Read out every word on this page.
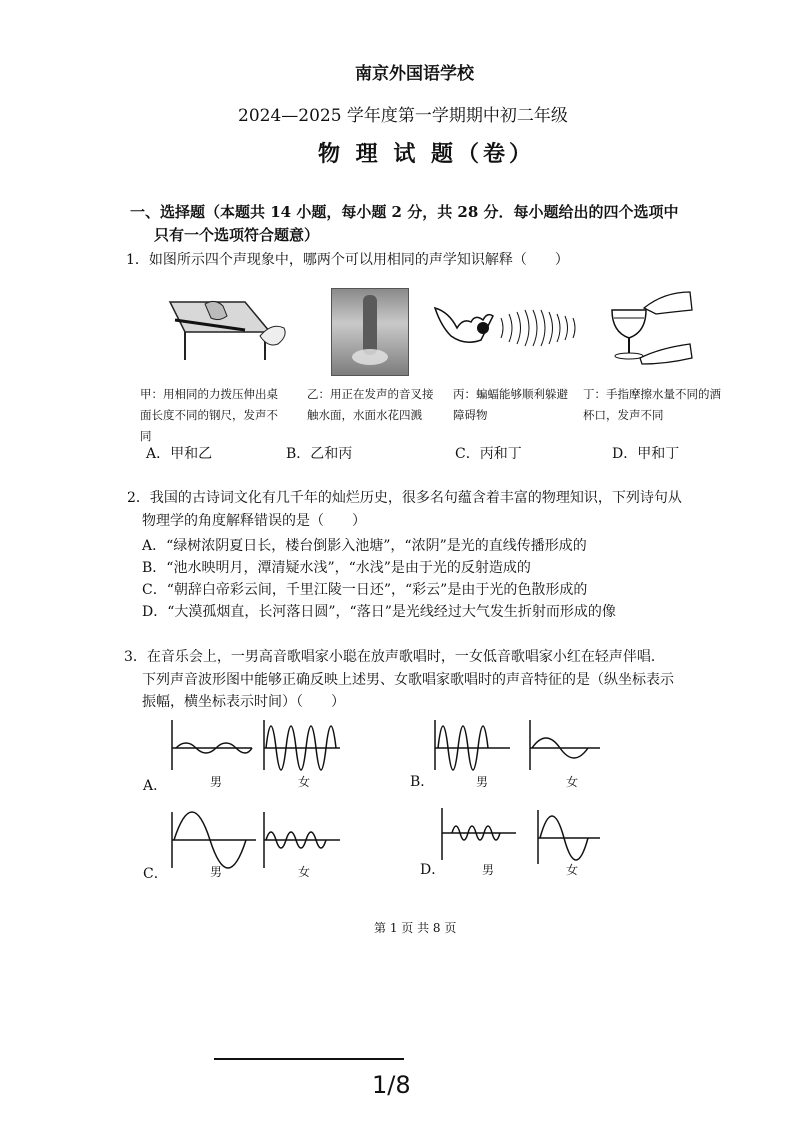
南京外国语学校
2024—2025 学年度第一学期期中初二年级
物 理 试 题（卷）
一、选择题（本题共 14 小题，每小题 2 分，共 28 分．每小题给出的四个选项中
只有一个选项符合题意）
1．如图所示四个声现象中，哪两个可以用相同的声学知识解释（　　）
甲：用相同的力拨压伸出桌面长度不同的钢尺，发声不同
乙：用正在发声的音叉接触水面，水面水花四溅
丙：蝙蝠能够顺利躲避障碍物
丁：手指摩擦水量不同的酒杯口，发声不同
A．甲和乙	B．乙和丙	C．丙和丁	D．甲和丁
2．我国的古诗词文化有几千年的灿烂历史，很多名句蕴含着丰富的物理知识，下列诗句从
物理学的角度解释错误的是（　　）
A．“绿树浓阴夏日长，楼台倒影入池塘”，“浓阴”是光的直线传播形成的
B．“池水映明月，潭清疑水浅”，“水浅”是由于光的反射造成的
C．“朝辞白帝彩云间，千里江陵一日还”，“彩云”是由于光的色散形成的
D．“大漠孤烟直，长河落日圆”，“落日”是光线经过大气发生折射而形成的像
3．在音乐会上，一男高音歌唱家小聪在放声歌唱时，一女低音歌唱家小红在轻声伴唱．
下列声音波形图中能够正确反映上述男、女歌唱家歌唱时的声音特征的是（纵坐标表示
振幅，横坐标表示时间）（　　）
A．	B．
C．	D．
男	女	男	女
男	女	男	女
第 1 页 共 8 页
1/8
